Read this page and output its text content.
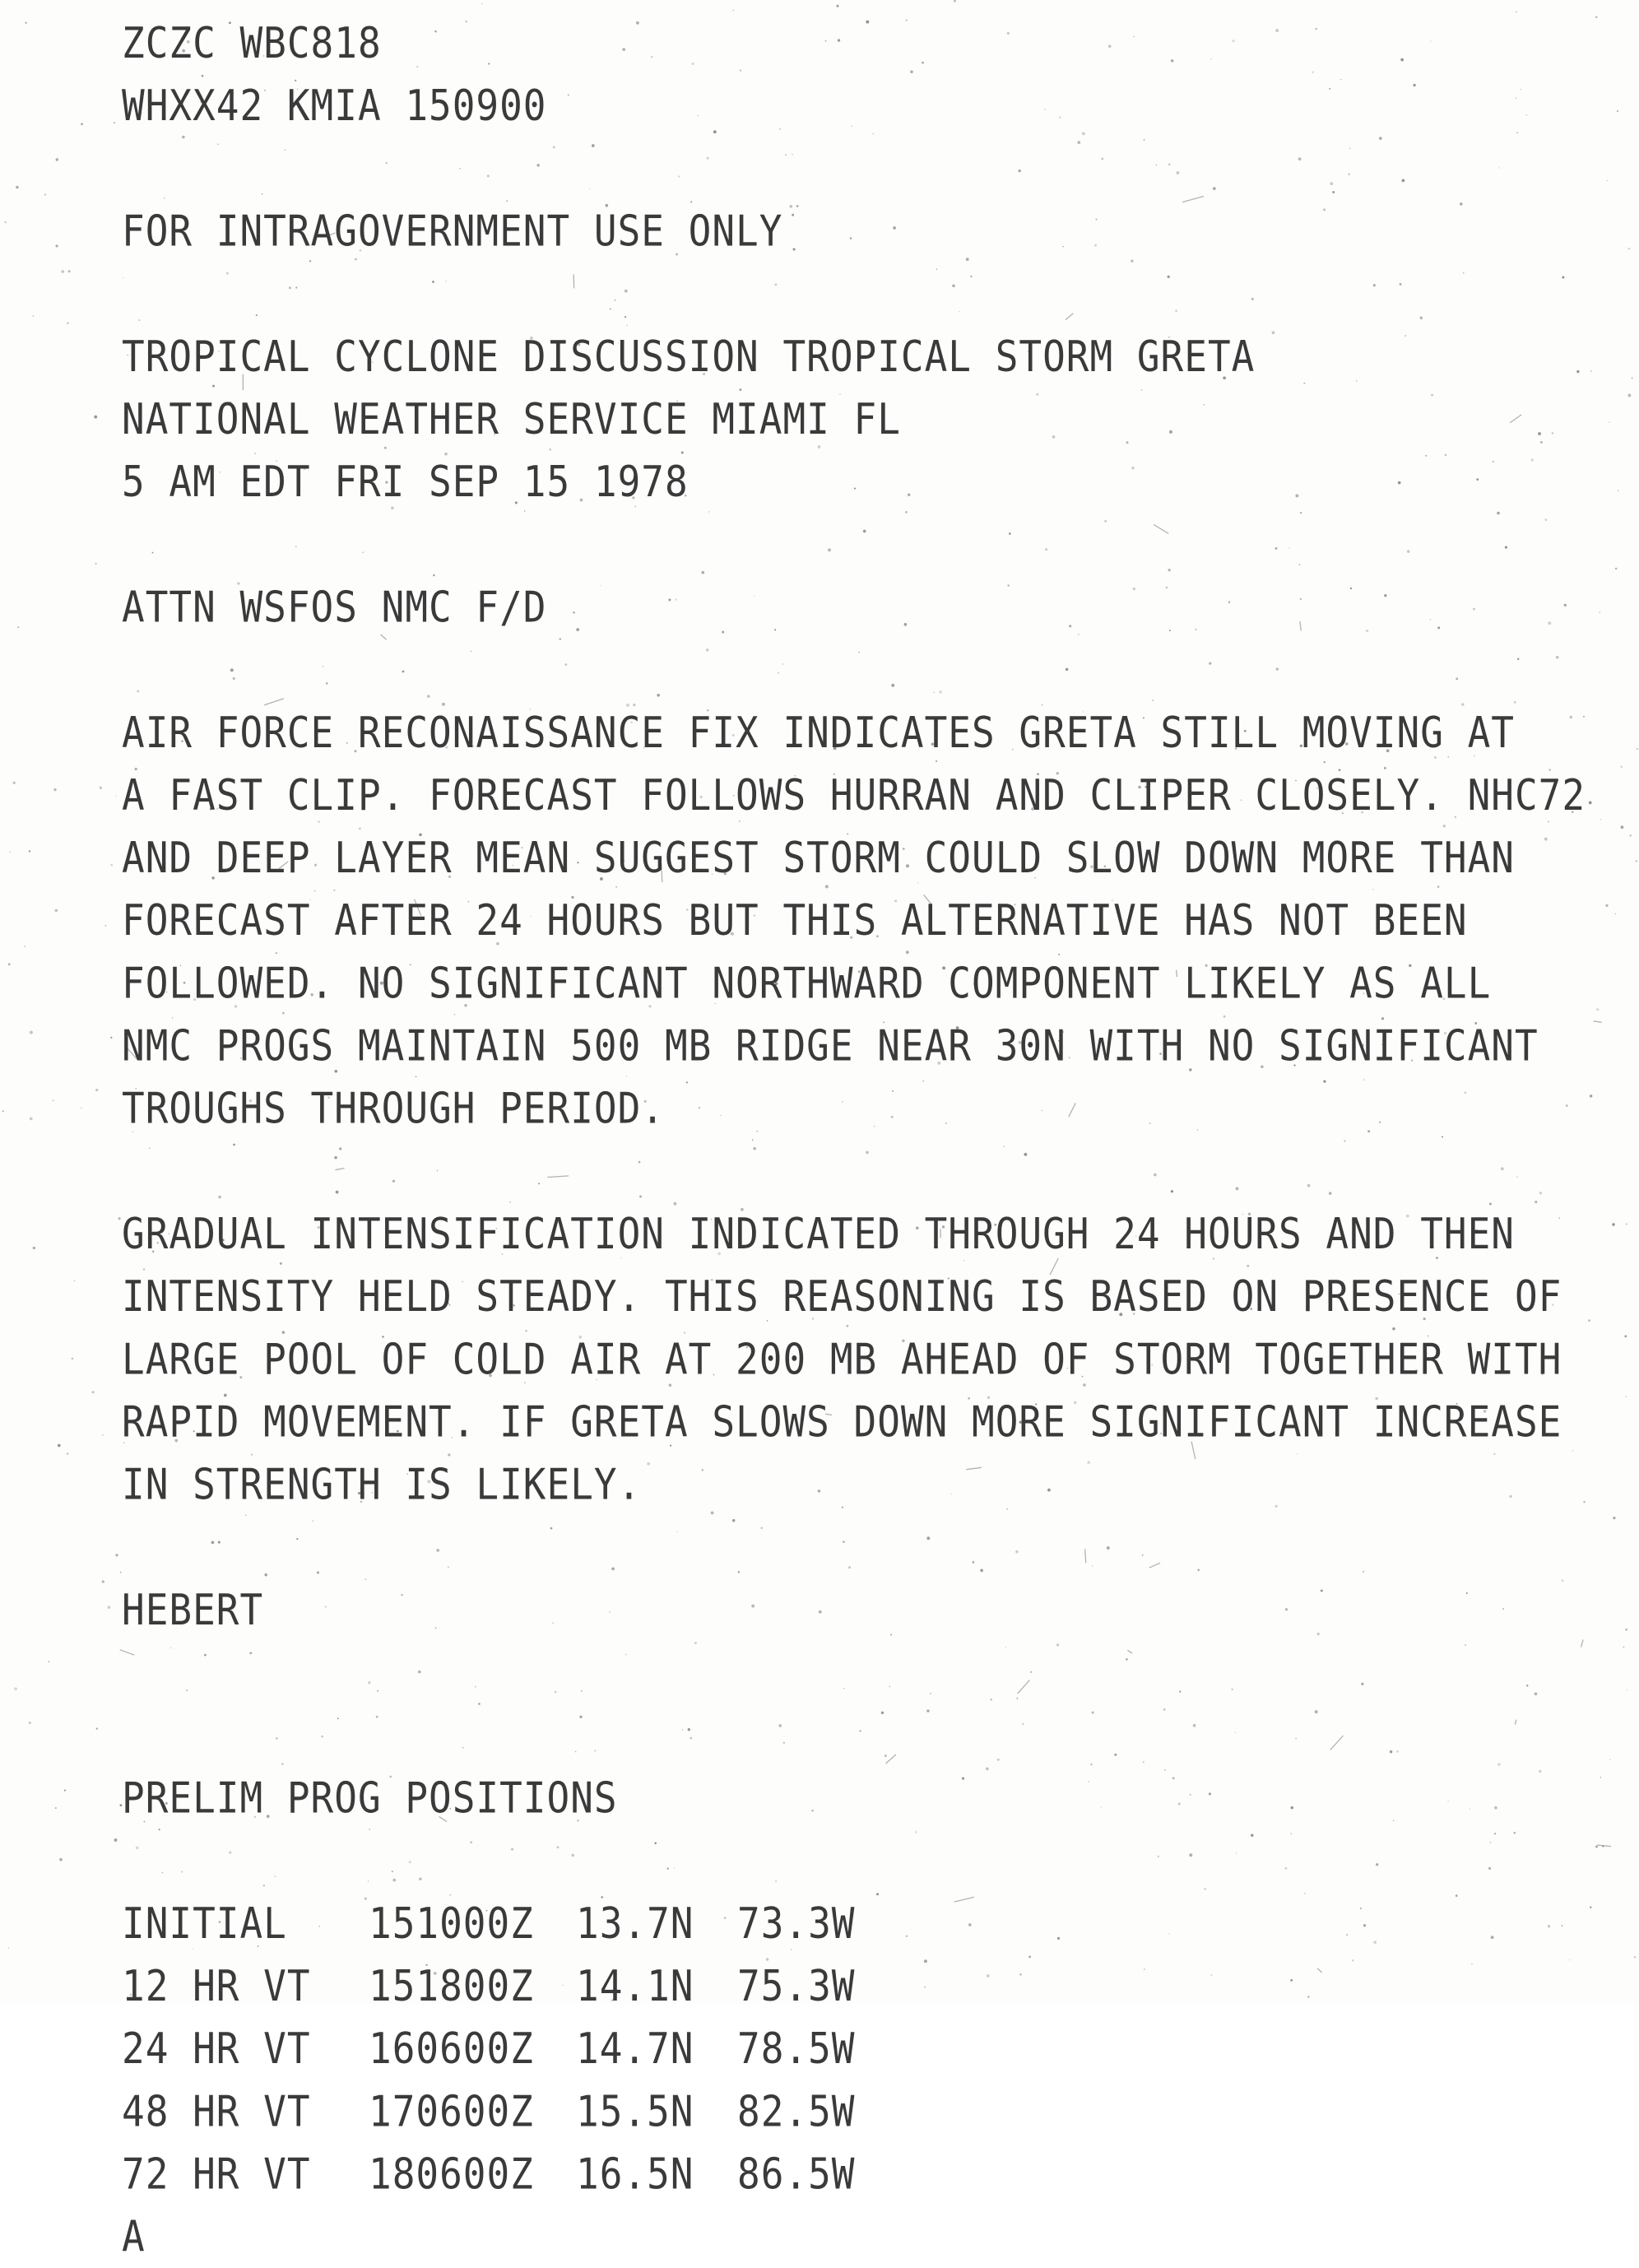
ZCZC WBC818
WHXX42 KMIA 150900
FOR INTRAGOVERNMENT USE ONLY
TROPICAL CYCLONE DISCUSSION TROPICAL STORM GRETA
NATIONAL WEATHER SERVICE MIAMI FL
5 AM EDT FRI SEP 15 1978
ATTN WSFOS NMC F/D
AIR FORCE RECONAISSANCE FIX INDICATES GRETA STILL MOVING AT
A FAST CLIP. FORECAST FOLLOWS HURRAN AND CLIPER CLOSELY. NHC72
AND DEEP LAYER MEAN SUGGEST STORM COULD SLOW DOWN MORE THAN
FORECAST AFTER 24 HOURS BUT THIS ALTERNATIVE HAS NOT BEEN
FOLLOWED. NO SIGNIFICANT NORTHWARD COMPONENT LIKELY AS ALL
NMC PROGS MAINTAIN 500 MB RIDGE NEAR 30N WITH NO SIGNIFICANT
TROUGHS THROUGH PERIOD.
GRADUAL INTENSIFICATION INDICATED THROUGH 24 HOURS AND THEN
INTENSITY HELD STEADY. THIS REASONING IS BASED ON PRESENCE OF
LARGE POOL OF COLD AIR AT 200 MB AHEAD OF STORM TOGETHER WITH
RAPID MOVEMENT. IF GRETA SLOWS DOWN MORE SIGNIFICANT INCREASE
IN STRENGTH IS LIKELY.
HEBERT
PRELIM PROG POSITIONS
INITIAL	151000Z	13.7N	73.3W
12 HR VT	151800Z	14.1N	75.3W
24 HR VT	160600Z	14.7N	78.5W
48 HR VT	170600Z	15.5N	82.5W
72 HR VT	180600Z	16.5N	86.5W
A
